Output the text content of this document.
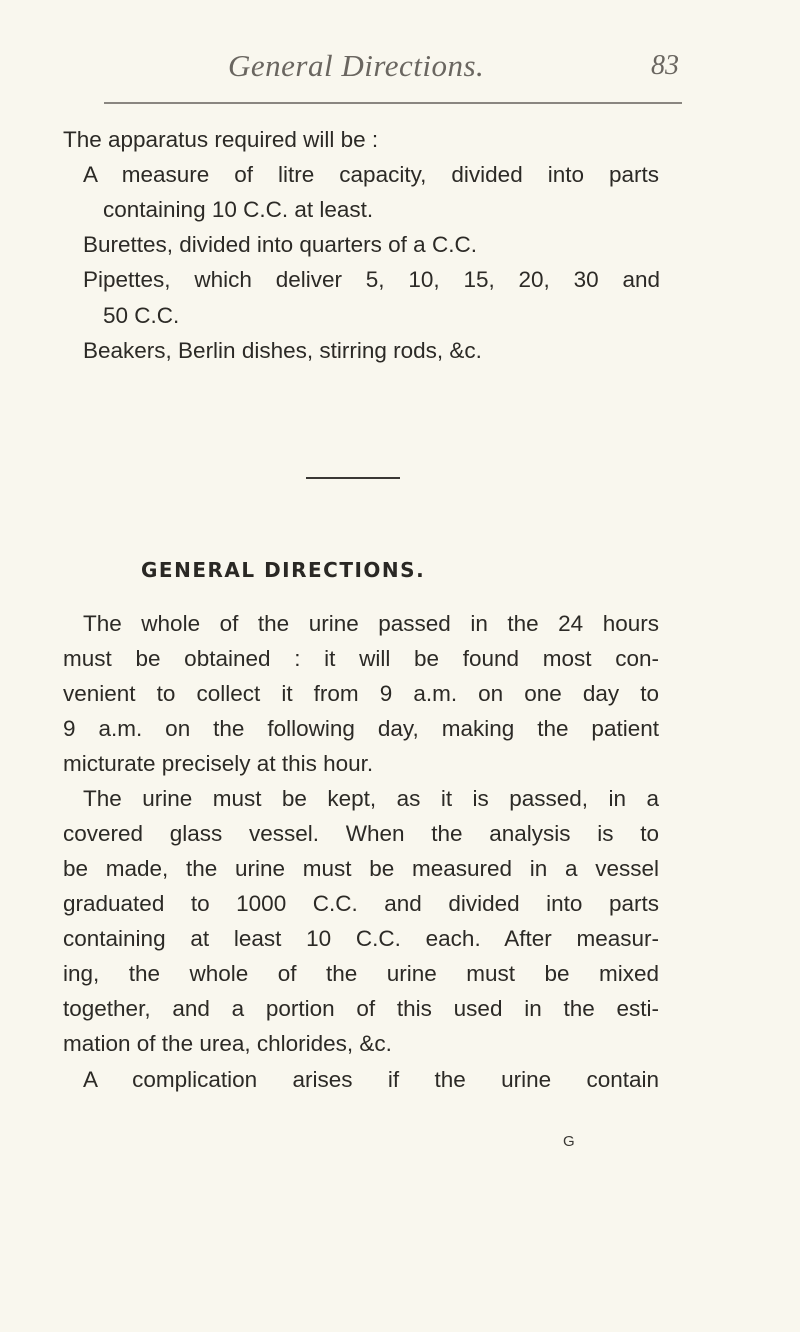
General Directions.	83
The apparatus required will be :
A measure of litre capacity, divided into parts
containing 10 C.C. at least.
Burettes, divided into quarters of a C.C.
Pipettes, which deliver 5, 10, 15, 20, 30 and
50 C.C.
Beakers, Berlin dishes, stirring rods, &c.
GENERAL DIRECTIONS.
The whole of the urine passed in the 24 hours
must be obtained : it will be found most con-
venient to collect it from 9 a.m. on one day to
9 a.m. on the following day, making the patient
micturate precisely at this hour.
The urine must be kept, as it is passed, in a
covered glass vessel. When the analysis is to
be made, the urine must be measured in a vessel
graduated to 1000 C.C. and divided into parts
containing at least 10 C.C. each. After measur-
ing, the whole of the urine must be mixed
together, and a portion of this used in the esti-
mation of the urea, chlorides, &c.
A complication arises if the urine contain
G
